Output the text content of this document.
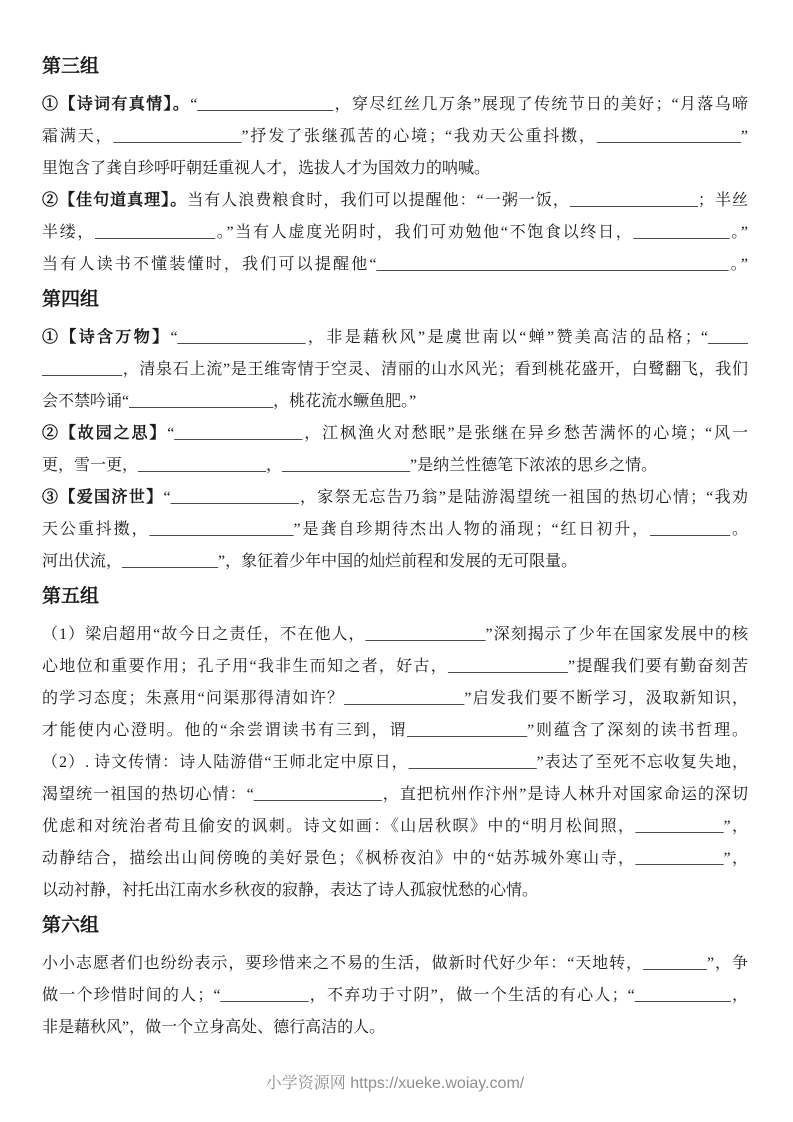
第三组
①【诗词有真情】。“_________________，穿尽红丝几万条”展现了传统节日的美好；“月落乌啼
霜满天，________________”抒发了张继孤苦的心境；“我劝天公重抖擞，__________________”
里饱含了龚自珍呼吁朝廷重视人才，选拔人才为国效力的呐喊。
②【佳句道真理】。当有人浪费粮食时，我们可以提醒他：“一粥一饭，________________；半丝
半缕，_______________。”当有人虚度光阴时，我们可劝勉他“不饱食以终日，____________。”
当有人读书不懂装懂时，我们可以提醒他“____________________________________________。”
第四组
①【诗含万物】“________________，非是藉秋风”是虞世南以“蝉”赞美高洁的品格；“_____
__________，清泉石上流”是王维寄情于空灵、清丽的山水风光；看到桃花盛开，白鹭翻飞，我们
会不禁吟诵“__________________，桃花流水鳜鱼肥。”
②【故园之思】“________________，江枫渔火对愁眠”是张继在异乡愁苦满怀的心境；“风一
更，雪一更，________________，________________”是纳兰性德笔下浓浓的思乡之情。
③【爱国济世】“________________，家祭无忘告乃翁”是陆游渴望统一祖国的热切心情；“我劝
天公重抖擞，__________________”是龚自珍期待杰出人物的涌现；“红日初升，__________。
河出伏流，____________”，象征着少年中国的灿烂前程和发展的无可限量。
第五组
（1）梁启超用“故今日之责任，不在他人，_______________”深刻揭示了少年在国家发展中的核
心地位和重要作用；孔子用“我非生而知之者，好古，_______________”提醒我们要有勤奋刻苦
的学习态度；朱熹用“问渠那得清如许？_______________”启发我们要不断学习，汲取新知识，
才能使内心澄明。他的“余尝谓读书有三到，谓_______________”则蕴含了深刻的读书哲理。
（2）. 诗文传情：诗人陆游借“王师北定中原日，________________”表达了至死不忘收复失地，
渴望统一祖国的热切心情：“________________，直把杭州作汴州”是诗人林升对国家命运的深切
优虑和对统治者苟且偷安的讽刺。诗文如画：《山居秋暝》中的“明月松间照，___________”，
动静结合，描绘出山间傍晚的美好景色；《枫桥夜泊》中的“姑苏城外寒山寺，___________”，
以动衬静，衬托出江南水乡秋夜的寂静，表达了诗人孤寂忧愁的心情。
第六组
小小志愿者们也纷纷表示，要珍惜来之不易的生活，做新时代好少年：“天地转，________”，争
做一个珍惜时间的人；“___________，不弃功于寸阴”，做一个生活的有心人；“____________，
非是藉秋风”，做一个立身高处、德行高洁的人。
小学资源网 https://xueke.woiay.com/
